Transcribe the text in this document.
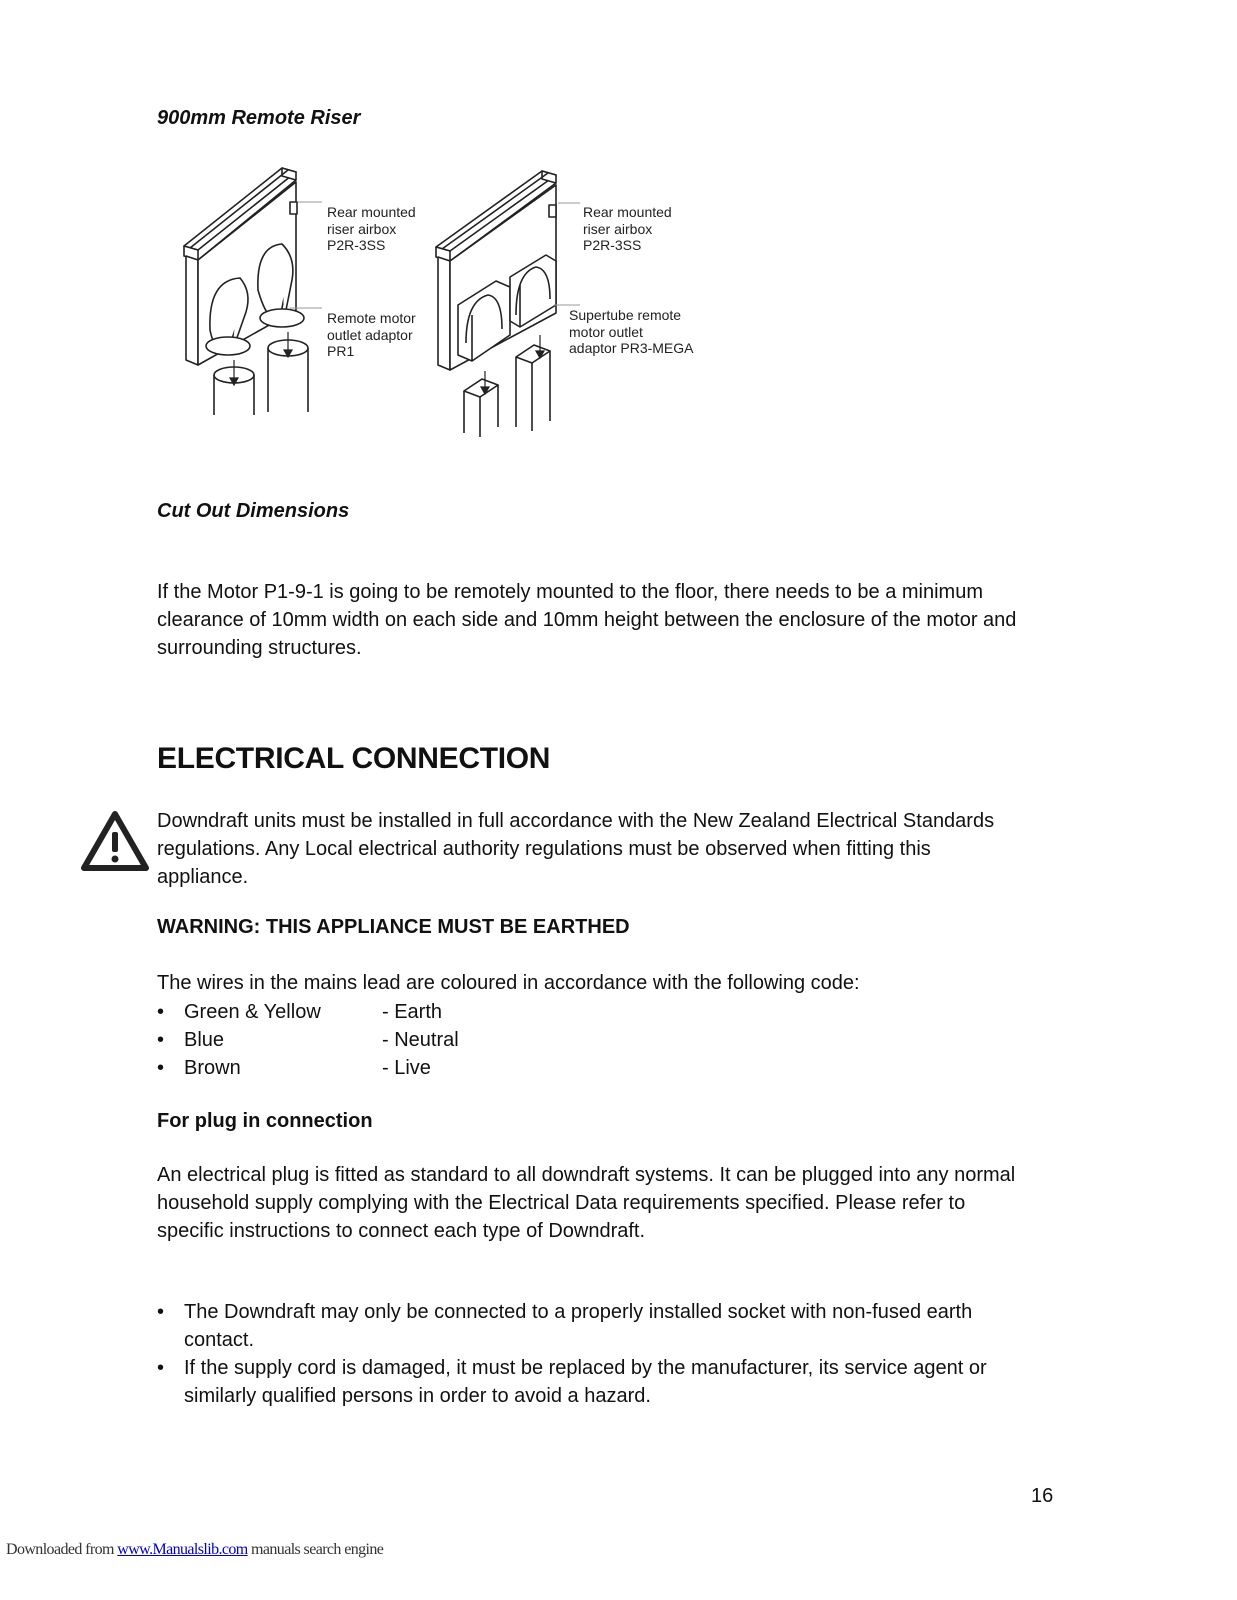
900mm Remote Riser
Rear mounted
riser airbox
P2R-3SS
Remote motor
outlet adaptor
PR1
Rear mounted
riser airbox
P2R-3SS
Supertube remote
motor outlet
adaptor PR3-MEGA
Cut Out Dimensions

If the Motor P1-9-1 is going to be remotely mounted to the floor, there needs to be a minimum

clearance of 10mm width on each side and 10mm height between the enclosure of the motor and

surrounding structures.

ELECTRICAL CONNECTION

Downdraft units must be installed in full accordance with the New Zealand Electrical Standards

regulations. Any Local electrical authority regulations must be observed when fitting this

appliance.

WARNING: THIS APPLIANCE MUST BE EARTHED

The wires in the mains lead are coloured in accordance with the following code:

• Green & Yellow	- Earth
• Blue	- Neutral
• Brown	- Live
For plug in connection

An electrical plug is fitted as standard to all downdraft systems. It can be plugged into any normal

household supply complying with the Electrical Data requirements specified. Please refer to

specific instructions to connect each type of Downdraft.

• The Downdraft may only be connected to a properly installed socket with non-fused earth
contact.
• If the supply cord is damaged, it must be replaced by the manufacturer, its service agent or
similarly qualified persons in order to avoid a hazard.
16
Downloaded from www.Manualslib.com manuals search engine
